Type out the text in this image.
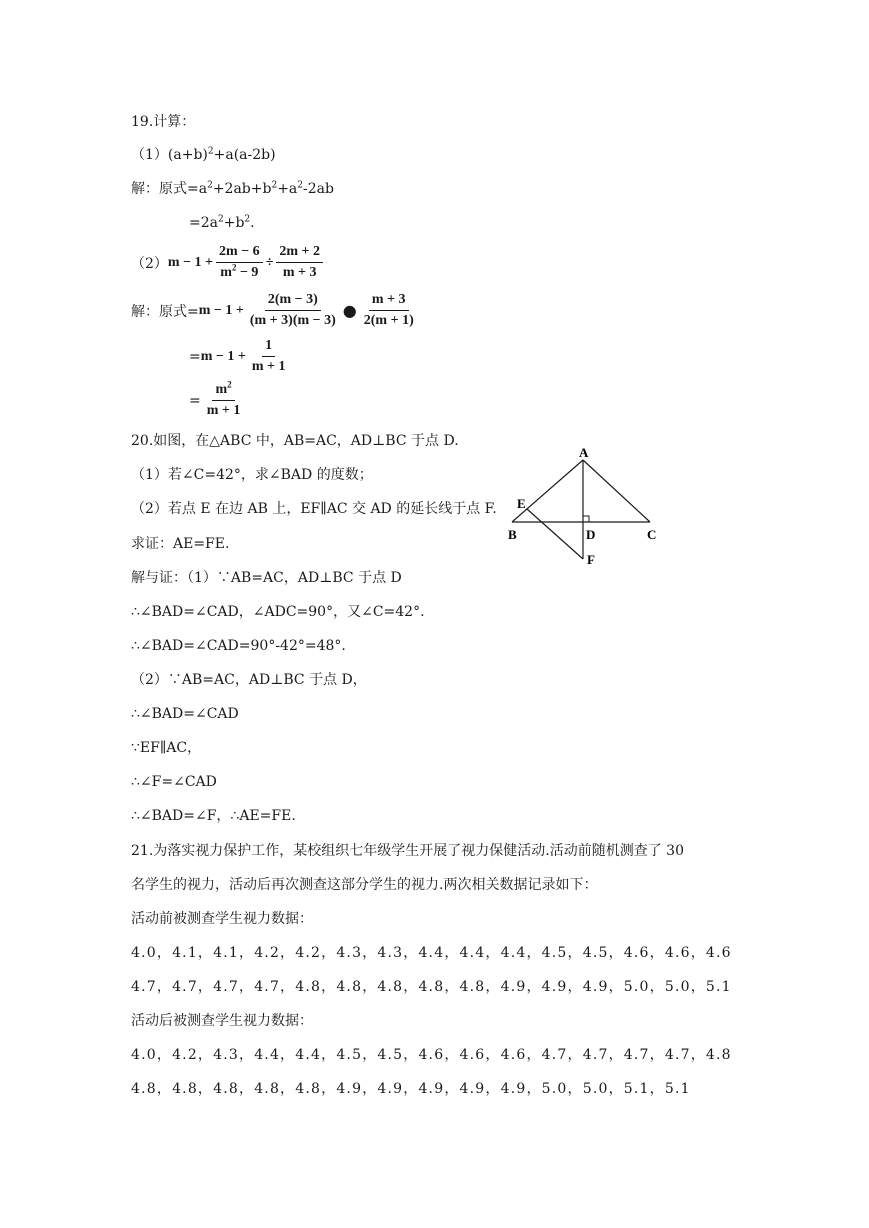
19.计算：
$(1)(a+b)^2+a(a-2b)$
解：原式$=a^2+2ab+b^2+a^2-2ab$
$=2a^2+b^2$.
（2） $m - 1 + \frac{2m - 6}{m^2 - 9} \div \frac{2m + 2}{m + 3}$
解：原式= $m - 1 + \frac{2(m - 3)}{(m + 3)(m - 3)}$ ● $\frac{m + 3}{2(m + 1)}$
= $m - 1 + \frac{1}{m + 1}$
= $\frac{m^2}{m + 1}$
20.如图，在△ABC 中，AB=AC，AD⊥BC 于点 D.
（1）若∠C=42°，求∠BAD 的度数；
（2）若点 E 在边 AB 上，EF∥AC 交 AD 的延长线于点 F.
求证：AE=FE.
解与证：（1）∵AB=AC，AD⊥BC 于点 D
∴∠BAD=∠CAD，∠ADC=90°，又∠C=42°.
∴∠BAD=∠CAD=90°-42°=48°.
（2）∵AB=AC，AD⊥BC 于点 D，
∴∠BAD=∠CAD
∵EF∥AC，
∴∠F=∠CAD
∴∠BAD=∠F，∴AE=FE.
A
E
B	D	C
F
21.为落实视力保护工作，某校组织七年级学生开展了视力保健活动.活动前随机测查了 30
名学生的视力，活动后再次测查这部分学生的视力.两次相关数据记录如下：
活动前被测查学生视力数据：
4.0，4.1，4.1，4.2，4.2，4.3，4.3，4.4，4.4，4.4，4.5，4.5，4.6，4.6，4.6
4.7，4.7，4.7，4.7，4.8，4.8，4.8，4.8，4.8，4.9，4.9，4.9，5.0，5.0，5.1
活动后被测查学生视力数据：
4.0，4.2，4.3，4.4，4.4，4.5，4.5，4.6，4.6，4.6，4.7，4.7，4.7，4.7，4.8
4.8，4.8，4.8，4.8，4.8，4.9，4.9，4.9，4.9，4.9，5.0，5.0，5.1，5.1
